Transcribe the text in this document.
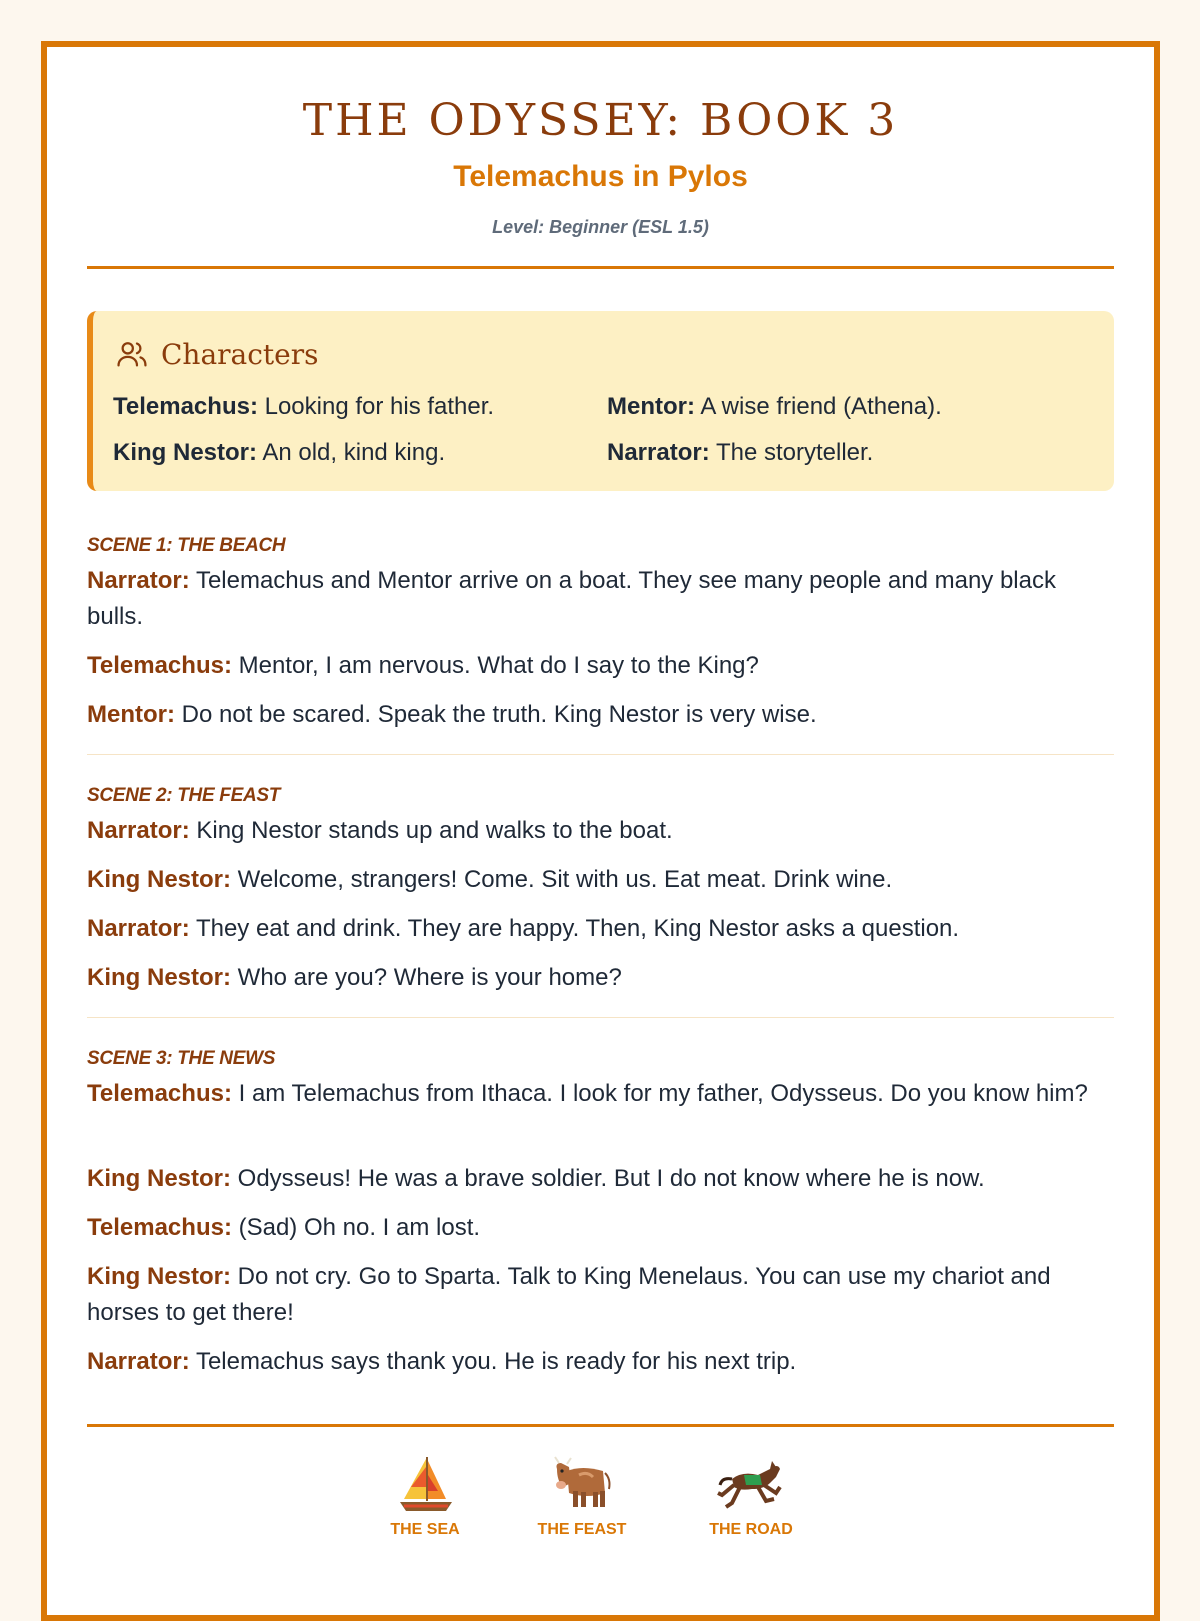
THE ODYSSEY: BOOK 3
Telemachus in Pylos
Level: Beginner (ESL 1.5)
Characters
Telemachus: Looking for his father.	Mentor: A wise friend (Athena).
King Nestor: An old, kind king.	Narrator: The storyteller.
SCENE 1: THE BEACH
Narrator: Telemachus and Mentor arrive on a boat. They see many people and many black bulls.
Telemachus: Mentor, I am nervous. What do I say to the King?
Mentor: Do not be scared. Speak the truth. King Nestor is very wise.
SCENE 2: THE FEAST
Narrator: King Nestor stands up and walks to the boat.
King Nestor: Welcome, strangers! Come. Sit with us. Eat meat. Drink wine.
Narrator: They eat and drink. They are happy. Then, King Nestor asks a question.
King Nestor: Who are you? Where is your home?
SCENE 3: THE NEWS
Telemachus: I am Telemachus from Ithaca. I look for my father, Odysseus. Do you know him?
King Nestor: Odysseus! He was a brave soldier. But I do not know where he is now.
Telemachus: (Sad) Oh no. I am lost.
King Nestor: Do not cry. Go to Sparta. Talk to King Menelaus. You can use my chariot and horses to get there!
Narrator: Telemachus says thank you. He is ready for his next trip.
THE SEA	THE FEAST	THE ROAD
